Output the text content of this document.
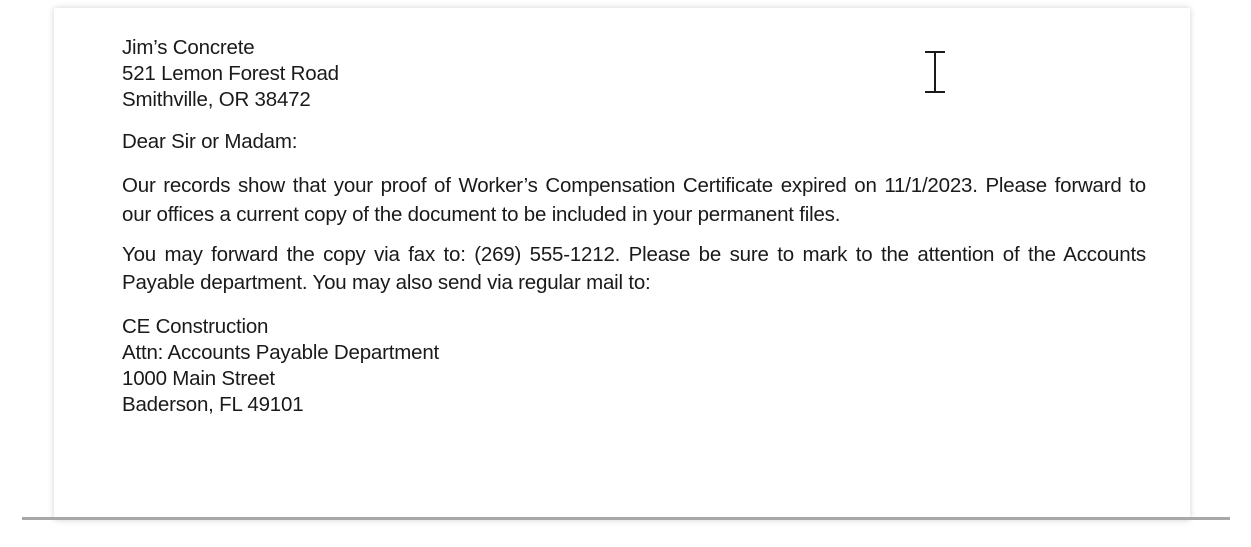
Jim’s Concrete
521 Lemon Forest Road
Smithville, OR 38472
Dear Sir or Madam:
Our records show that your proof of Worker’s Compensation Certificate expired on 11/1/2023. Please forward to our offices a current copy of the document to be included in your permanent files.
You may forward the copy via fax to: (269) 555-1212. Please be sure to mark to the attention of the Accounts Payable department. You may also send via regular mail to:
CE Construction
Attn: Accounts Payable Department
1000 Main Street
Baderson, FL 49101
